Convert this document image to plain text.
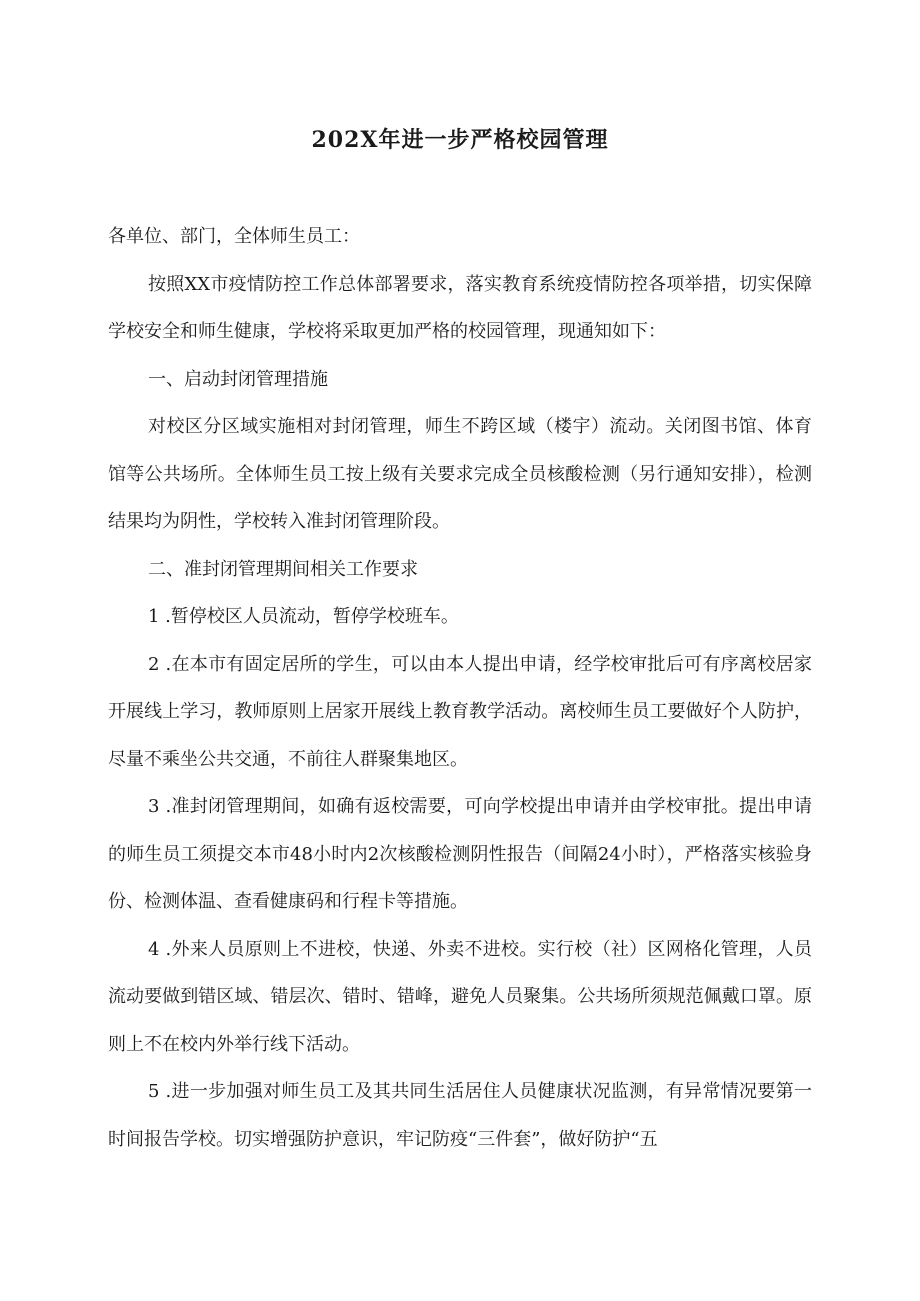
202X年进一步严格校园管理

各单位、部门，全体师生员工：

按照XX市疫情防控工作总体部署要求，落实教育系统疫情防控各项举措，切实保障学校安全和师生健康，学校将采取更加严格的校园管理，现通知如下：

一、启动封闭管理措施

对校区分区域实施相对封闭管理，师生不跨区域（楼宇）流动。关闭图书馆、体育馆等公共场所。全体师生员工按上级有关要求完成全员核酸检测（另行通知安排），检测结果均为阴性，学校转入准封闭管理阶段。

二、准封闭管理期间相关工作要求

1 .暂停校区人员流动，暂停学校班车。

2 .在本市有固定居所的学生，可以由本人提出申请，经学校审批后可有序离校居家开展线上学习，教师原则上居家开展线上教育教学活动。离校师生员工要做好个人防护，尽量不乘坐公共交通，不前往人群聚集地区。

3 .准封闭管理期间，如确有返校需要，可向学校提出申请并由学校审批。提出申请的师生员工须提交本市48小时内2次核酸检测阴性报告（间隔24小时），严格落实核验身份、检测体温、查看健康码和行程卡等措施。

4 .外来人员原则上不进校，快递、外卖不进校。实行校（社）区网格化管理，人员流动要做到错区域、错层次、错时、错峰，避免人员聚集。公共场所须规范佩戴口罩。原则上不在校内外举行线下活动。

5 .进一步加强对师生员工及其共同生活居住人员健康状况监测，有异常情况要第一时间报告学校。切实增强防护意识，牢记防疫“三件套”，做好防护“五
